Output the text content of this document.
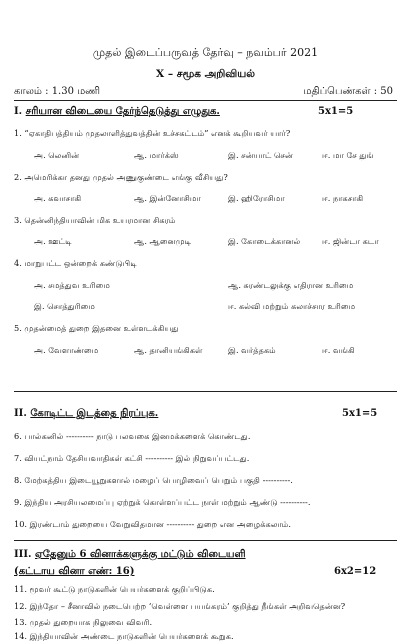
முதல் இடைப்பருவத் தேர்வு – நவம்பர் 2021
X – சமூக அறிவியல்
காலம் : 1.30 மணி	மதிப்பெண்கள் : 50
I. சரியான விடையை தேர்ந்தெடுத்து எழுதுக.	5x1=5
1. “ஏகாதிபத்தியம் முதலாளித்துவத்தின் உச்சகட்டம்” எனக் கூறியவர் யார்?
அ. லெனின்	ஆ. மார்க்ஸ்	இ. சன்யாட் சென்	ஈ. மா சே துங்
2. அமெரிக்கா தனது முதல் அணுகுண்டை எங்கு வீசியது?
அ. கவாசாகி	ஆ. இன்னோசிமா	இ. ஹிரோசிமா	ஈ. நாகசாகி
3. தென்னிந்தியாவின் மிக உயரமான சிகரம்
அ. ஊட்டி	ஆ. ஆனைமுடி	இ. கோடைக்கானல்	ஈ. ஜின்டா கடா
4. மாறுபட்ட ஒன்றைக் கண்டுபிடி
அ. சமத்துவ உரிமை	ஆ. சுரண்டலுக்கு எதிரான உரிமை
இ. சொத்துரிமை	ஈ. கல்வி மற்றும் கலாச்சார உரிமை
5. முதன்மைத் துறை இதனை உள்ளடக்கியது
அ. வேளாண்மை	ஆ. தானியங்கிகள்	இ. வர்த்தகம்	ஈ. வங்கி
II. கோடிட்ட இடத்தை நிரப்புக.	5x1=5
6. பால்கனில் ---------- நாடு பலவகை இனமக்களைக் கொண்டது.
7. வியட்நாம் தேசியவாதிகள் கட்சி ---------- இல் நிறுவப்பட்டது.
8. மேற்கத்திய இடையூறுகளால் மழைப் பொழிவைப் பெறும் பகுதி ----------.
9. இந்திய அரசியலமைப்பு ஏற்றுக் கொள்ளப்பட்ட நாள் மற்றும் ஆண்டு ----------.
10. இரண்டாம் துறையை வேறுவிதமான ---------- துறை என அழைக்கலாம்.
III. ஏதேனும் 6 வினாக்களுக்கு மட்டும் விடையளி
(கட்டாய வினா எண்: 16)	6x2=12
11. மூவர் கூட்டு நாடுகளின் பெயர்களைக் குறிப்பிடுக.
12. இந்தோ – சீனாவில் நடைபெற்ற ‘வெள்ளை பயங்கரம்’ குறித்து நீங்கள் அறிவதென்ன?
13. முதல் துறையாக நிலுவை விவரி.
14. இந்தியாவின் அண்டை நாடுகளின் பெயர்களைக் கூறுக.
